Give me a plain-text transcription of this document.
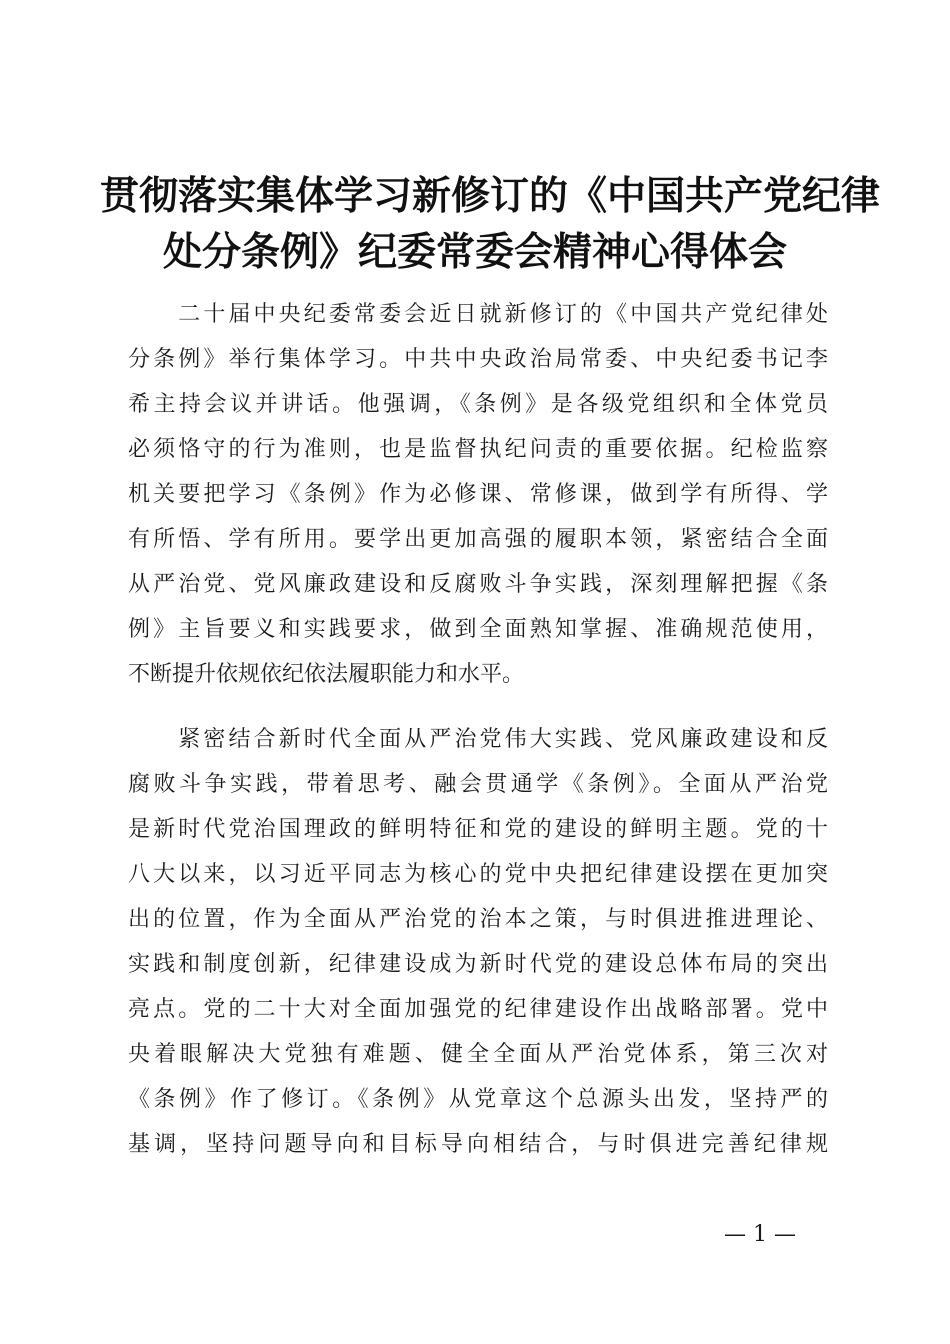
贯彻落实集体学习新修订的《中国共产党纪律
处分条例》纪委常委会精神心得体会
　　二十届中央纪委常委会近日就新修订的《中国共产党纪律处
分条例》举行集体学习。中共中央政治局常委、中央纪委书记李
希主持会议并讲话。他强调，《条例》是各级党组织和全体党员
必须恪守的行为准则，也是监督执纪问责的重要依据。纪检监察
机关要把学习《条例》作为必修课、常修课，做到学有所得、学
有所悟、学有所用。要学出更加高强的履职本领，紧密结合全面
从严治党、党风廉政建设和反腐败斗争实践，深刻理解把握《条
例》主旨要义和实践要求，做到全面熟知掌握、准确规范使用，
不断提升依规依纪依法履职能力和水平。
　　紧密结合新时代全面从严治党伟大实践、党风廉政建设和反
腐败斗争实践，带着思考、融会贯通学《条例》。全面从严治党
是新时代党治国理政的鲜明特征和党的建设的鲜明主题。党的十
八大以来，以习近平同志为核心的党中央把纪律建设摆在更加突
出的位置，作为全面从严治党的治本之策，与时俱进推进理论、
实践和制度创新，纪律建设成为新时代党的建设总体布局的突出
亮点。党的二十大对全面加强党的纪律建设作出战略部署。党中
央着眼解决大党独有难题、健全全面从严治党体系，第三次对
《条例》作了修订。《条例》从党章这个总源头出发，坚持严的
基调，坚持问题导向和目标导向相结合，与时俱进完善纪律规
— 1 —
